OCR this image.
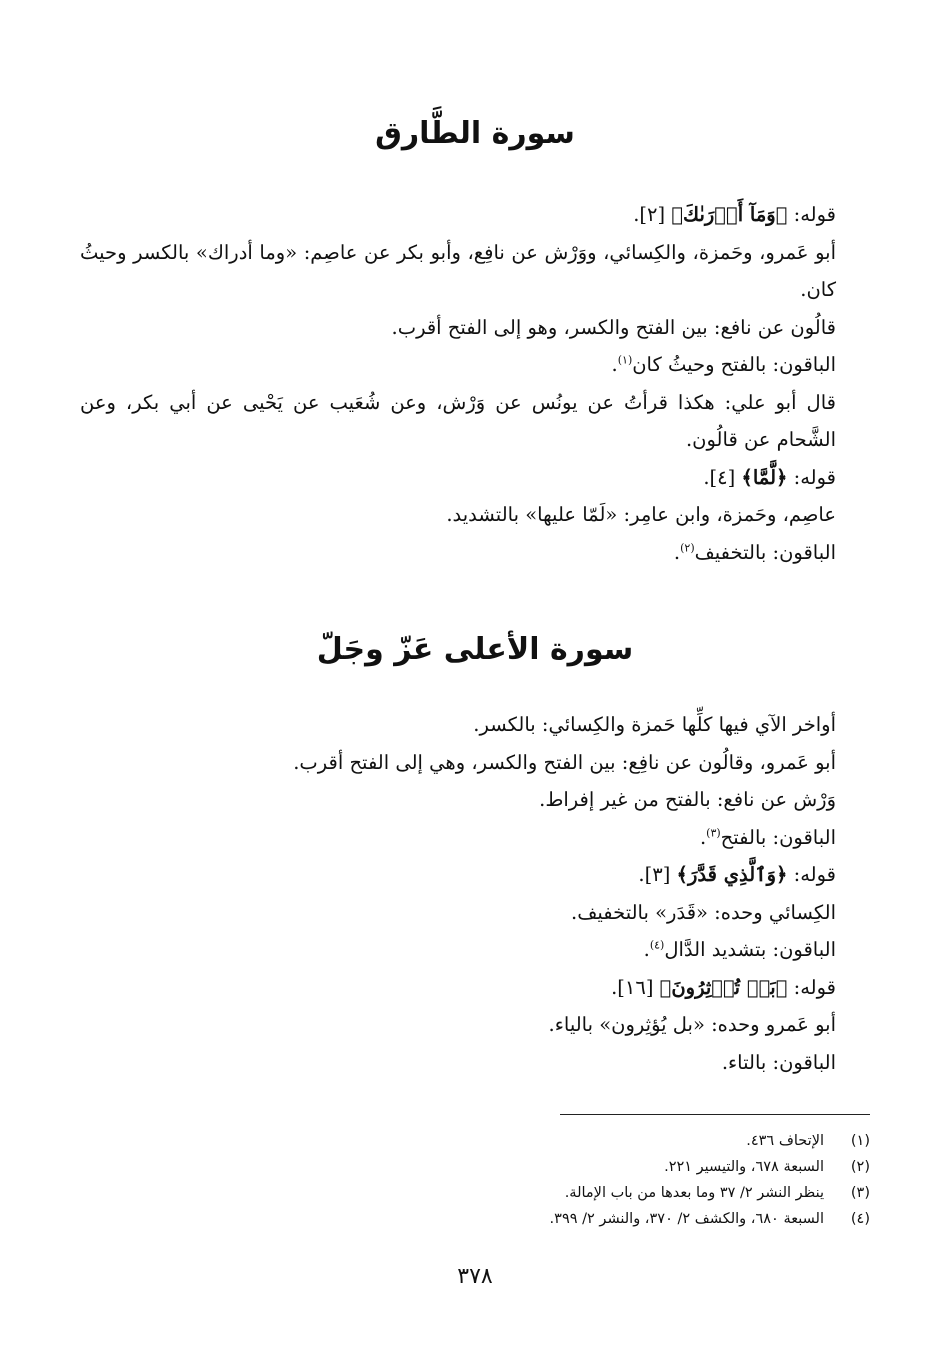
سورة الطَّارق

قوله: ﴿وَمَآ أَدۡرَىٰكَ﴾ [٢].

أبو عَمرو، وحَمزة، والكِسائي، ووَرْش عن نافِع، وأبو بكر عن عاصِم: «وما أدراك» بالكسر وحيثُ كان.

قالُون عن نافع: بين الفتح والكسر، وهو إلى الفتح أقرب.

الباقون: بالفتح وحيثُ كان$^{(١)}$.

قال أبو علي: هكذا قرأتُ عن يونُس عن وَرْش، وعن شُعَيب عن يَحْيى عن أبي بكر، وعن الشَّحام عن قالُون.

قوله: ﴿لَّمَّا﴾ [٤].

عاصِم، وحَمزة، وابن عامِر: «لَمّا عليها» بالتشديد.

الباقون: بالتخفيف$^{(٢)}$.

سورة الأعلى عَزّ وجَلّ

أواخر الآي فيها كلِّها حَمزة والكِسائي: بالكسر.

أبو عَمرو، وقالُون عن نافِع: بين الفتح والكسر، وهي إلى الفتح أقرب.

وَرْش عن نافع: بالفتح من غير إفراط.

الباقون: بالفتح$^{(٣)}$.

قوله: ﴿وَٱلَّذِي قَدَّرَ﴾ [٣].

الكِسائي وحده: «قَدَر» بالتخفيف.

الباقون: بتشديد الدَّال$^{(٤)}$.

قوله: ﴿بَلۡ تُؤۡثِرُونَ﴾ [١٦].

أبو عَمرو وحده: «بل يُؤثِرون» بالياء.

الباقون: بالتاء.

(١)
الإتحاف ٤٣٦.
(٢)
السبعة ٦٧٨، والتيسير ٢٢١.
(٣)
ينظر النشر ٢/ ٣٧ وما بعدها من باب الإمالة.
(٤)
السبعة ٦٨٠، والكشف ٢/ ٣٧٠، والنشر ٢/ ٣٩٩.
٣٧٨
